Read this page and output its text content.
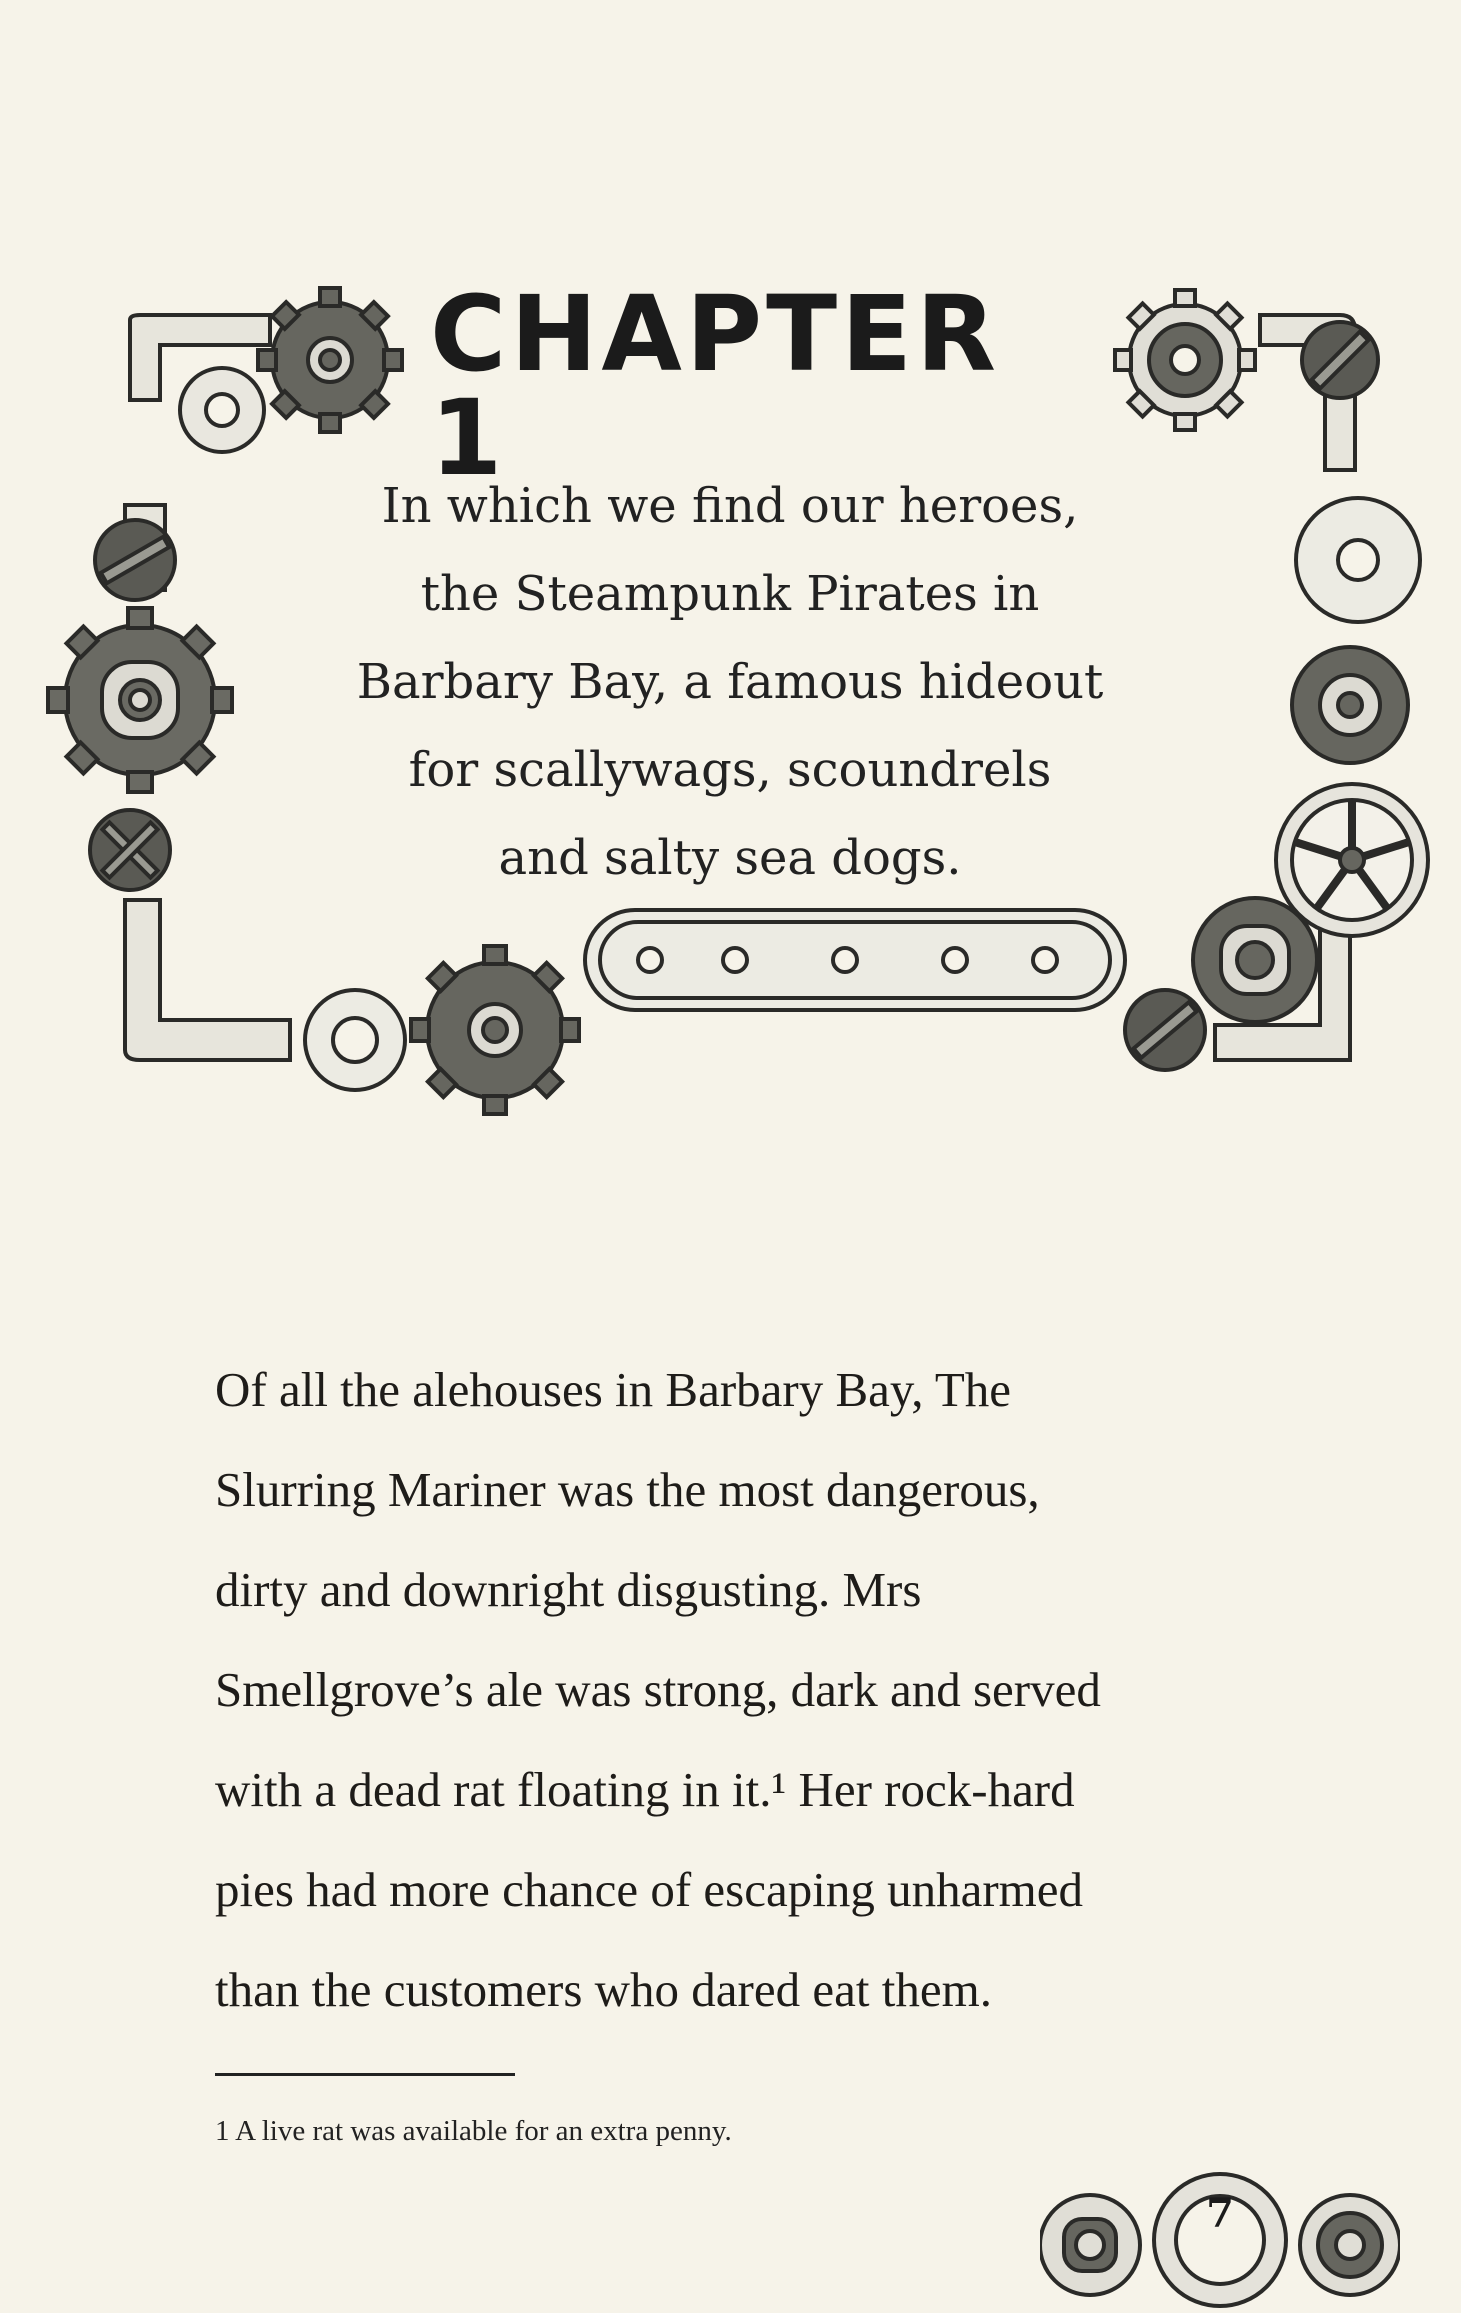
CHAPTER 1
In which we find our heroes,
the Steampunk Pirates in
Barbary Bay, a famous hideout
for scallywags, scoundrels
and salty sea dogs.
Of all the alehouses in Barbary Bay, The
Slurring Mariner was the most dangerous,
dirty and downright disgusting. Mrs
Smellgrove’s ale was strong, dark and served
with a dead rat floating in it.¹ Her rock-hard
pies had more chance of escaping unharmed
than the customers who dared eat them.
1 A live rat was available for an extra penny.
7
